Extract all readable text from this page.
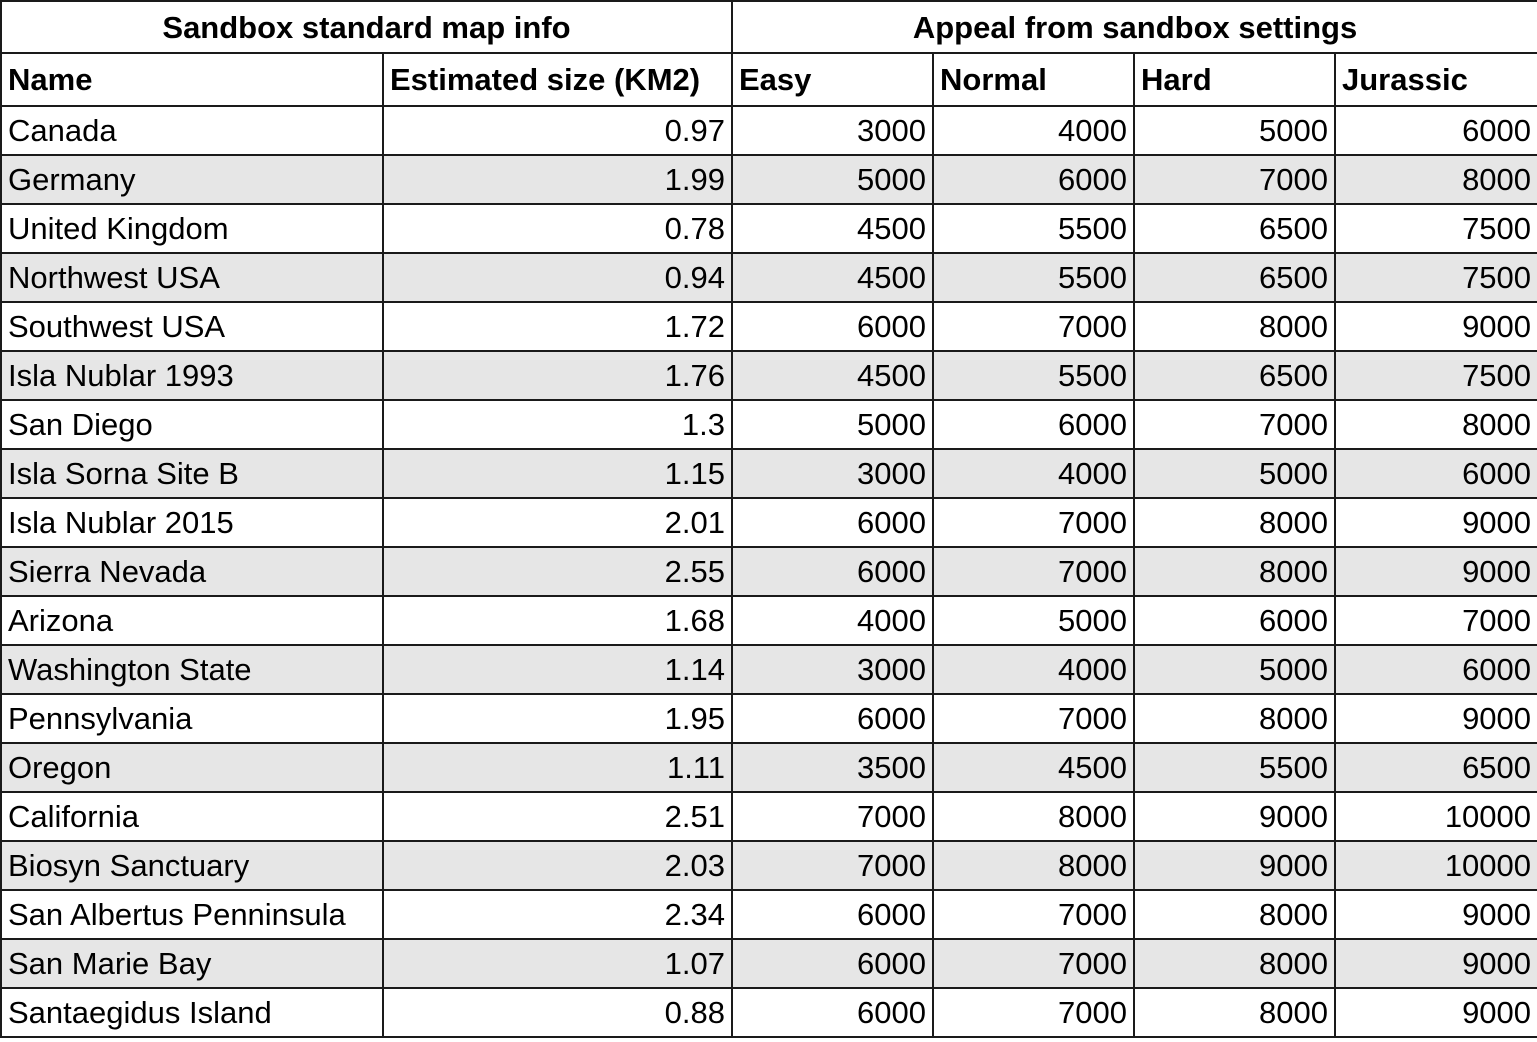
Sandbox standard map info		Appeal from sandbox settings			
Name	Estimated size (KM2)	Easy	Normal	Hard	Jurassic
Canada	0.97	3000	4000	5000	6000
Germany	1.99	5000	6000	7000	8000
United Kingdom	0.78	4500	5500	6500	7500
Northwest USA	0.94	4500	5500	6500	7500
Southwest USA	1.72	6000	7000	8000	9000
Isla Nublar 1993	1.76	4500	5500	6500	7500
San Diego	1.3	5000	6000	7000	8000
Isla Sorna Site B	1.15	3000	4000	5000	6000
Isla Nublar 2015	2.01	6000	7000	8000	9000
Sierra Nevada	2.55	6000	7000	8000	9000
Arizona	1.68	4000	5000	6000	7000
Washington State	1.14	3000	4000	5000	6000
Pennsylvania	1.95	6000	7000	8000	9000
Oregon	1.11	3500	4500	5500	6500
California	2.51	7000	8000	9000	10000
Biosyn Sanctuary	2.03	7000	8000	9000	10000
San Albertus Penninsula	2.34	6000	7000	8000	9000
San Marie Bay	1.07	6000	7000	8000	9000
Santaegidus Island	0.88	6000	7000	8000	9000
